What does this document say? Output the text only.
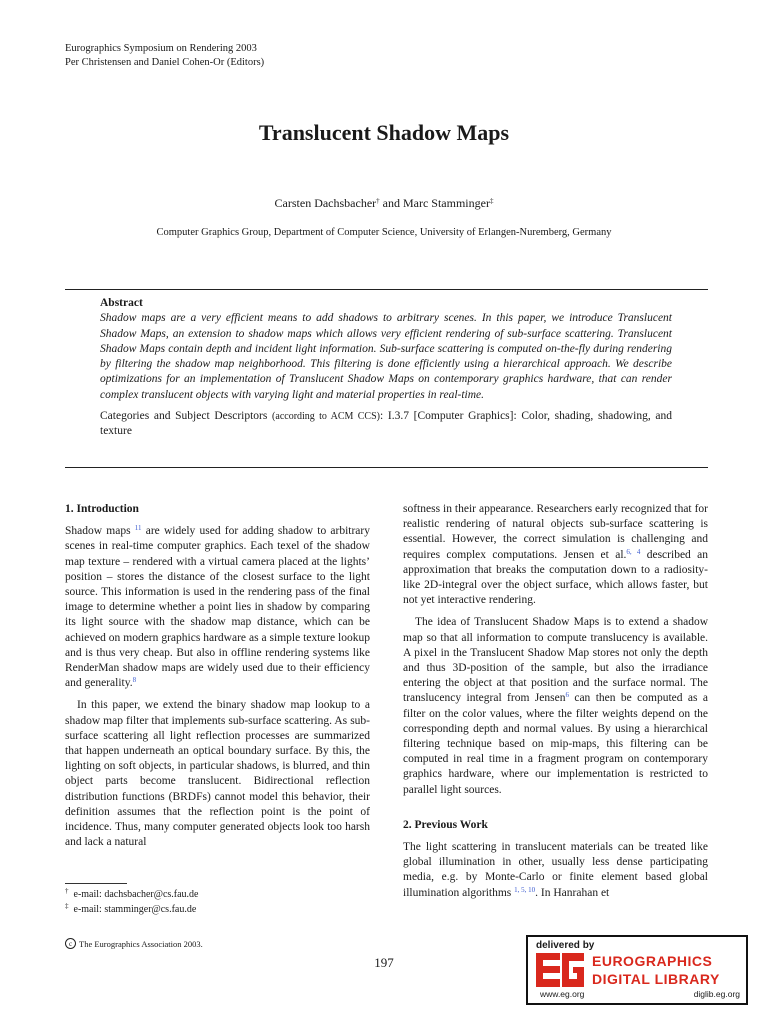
Eurographics Symposium on Rendering 2003
Per Christensen and Daniel Cohen-Or (Editors)
Translucent Shadow Maps
Carsten Dachsbacher† and Marc Stamminger‡
Computer Graphics Group, Department of Computer Science, University of Erlangen-Nuremberg, Germany
Abstract
Shadow maps are a very efficient means to add shadows to arbitrary scenes. In this paper, we introduce Translucent Shadow Maps, an extension to shadow maps which allows very efficient rendering of sub-surface scattering. Translucent Shadow Maps contain depth and incident light information. Sub-surface scattering is computed on-the-fly during rendering by filtering the shadow map neighborhood. This filtering is done efficiently using a hierarchical approach. We describe optimizations for an implementation of Translucent Shadow Maps on contemporary graphics hardware, that can render complex translucent objects with varying light and material properties in real-time.
Categories and Subject Descriptors (according to ACM CCS): I.3.7 [Computer Graphics]: Color, shading, shadowing, and texture
1. Introduction

Shadow maps $^{11}$ are widely used for adding shadow to arbitrary scenes in real-time computer graphics. Each texel of the shadow map texture – rendered with a virtual camera placed at the lights’ position – stores the distance of the closest surface to the light source. This information is used in the rendering pass of the final image to determine whether a point lies in shadow by comparing its light source with the shadow map distance, which can be achieved on modern graphics hardware as a simple texture lookup and is thus very cheap. But also in offline rendering systems like RenderMan shadow maps are widely used due to their efficiency and generality.$^8$

In this paper, we extend the binary shadow map lookup to a shadow map filter that implements sub-surface scattering. As sub-surface scattering all light reflection processes are summarized that happen underneath an optical boundary surface. By this, the lighting on soft objects, in particular shadows, is blurred, and thin object parts become translucent. Bidirectional reflection distribution functions (BRDFs) cannot model this behavior, their definition assumes that the reflection point is the point of incidence. Thus, many computer generated objects look too harsh and lack a natural

softness in their appearance. Researchers early recognized that for realistic rendering of natural objects sub-surface scattering is essential. However, the correct simulation is challenging and requires complex computations. Jensen et al.$^{6, 4}$ described an approximation that breaks the computation down to a radiosity-like 2D-integral over the object surface, which allows faster, but not yet interactive rendering.

The idea of Translucent Shadow Maps is to extend a shadow map so that all information to compute translucency is available. A pixel in the Translucent Shadow Map stores not only the depth and thus 3D-position of the sample, but also the irradiance entering the object at that position and the surface normal. The translucency integral from Jensen$^6$ can then be computed as a filter on the color values, where the filter weights depend on the corresponding depth and normal values. By using a hierarchical filtering technique based on mip-maps, this filtering can be computed in real time in a fragment program on contemporary graphics hardware, where our implementation is restricted to parallel light sources.

2. Previous Work

The light scattering in translucent materials can be treated like global illumination in other, usually less dense participating media, e.g. by Monte-Carlo or finite element based global illumination algorithms $^{1, 5, 10}$. In Hanrahan et

† e-mail: dachsbacher@cs.fau.de
‡ e-mail: stamminger@cs.fau.de
c The Eurographics Association 2003.
197
delivered by
EUROGRAPHICS
DIGITAL LIBRARY
www.eg.org	diglib.eg.org
